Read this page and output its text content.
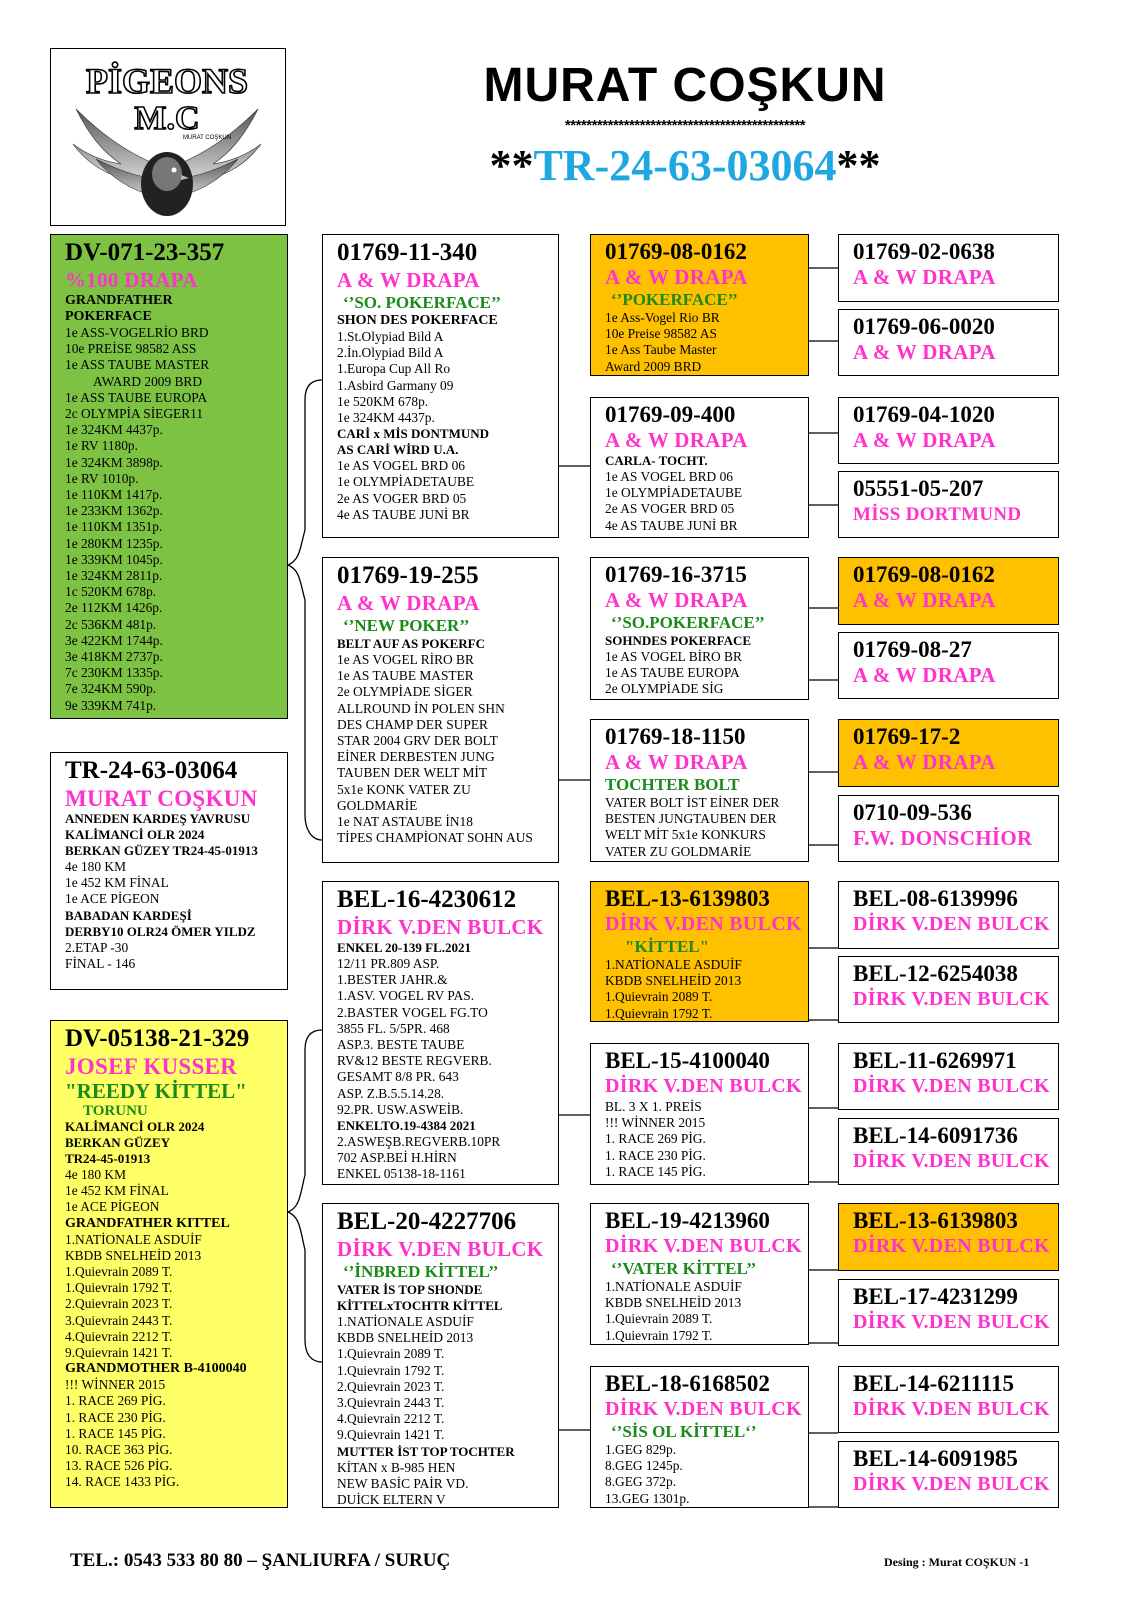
PİGEONS
M.C
MURAT COŞKUN
MURAT COŞKUN
*********************************************
**TR-24-63-03064**
DV-071-23-357
%100 DRAPA
GRANDFATHER
POKERFACE
1e ASS-VOGELRİO BRD
10e PREİSE 98582 ASS
1e ASS TAUBE MASTER
AWARD 2009 BRD
1e ASS TAUBE EUROPA
2c OLYMPİA SİEGER11
1e 324KM 4437p.
1e RV 1180p.
1e 324KM 3898p.
1e RV 1010p.
1e 110KM 1417p.
1e 233KM 1362p.
1e 110KM 1351p.
1e 280KM 1235p.
1e 339KM 1045p.
1e 324KM 2811p.
1c 520KM 678p.
2e 112KM 1426p.
2c 536KM 481p.
3e 422KM 1744p.
3e 418KM 2737p.
7c 230KM 1335p.
7e 324KM 590p.
9e 339KM 741p.
TR-24-63-03064
MURAT COŞKUN
ANNEDEN KARDEŞ YAVRUSU
KALİMANCİ OLR 2024
BERKAN GÜZEY TR24-45-01913
4e 180 KM
1e 452 KM FİNAL
1e ACE PİGEON
BABADAN KARDEŞİ
DERBY10 OLR24 ÖMER YILDZ
2.ETAP -30
FİNAL - 146
DV-05138-21-329
JOSEF KUSSER
"REEDY KİTTEL"
TORUNU
KALİMANCİ OLR 2024
BERKAN GÜZEY
TR24-45-01913
4e 180 KM
1e 452 KM FİNAL
1e ACE PİGEON
GRANDFATHER KITTEL
1.NATİONALE ASDUİF
KBDB SNELHEİD 2013
1.Quievrain 2089 T.
1.Quievrain 1792 T.
2.Quievrain 2023 T.
3.Quievrain 2443 T.
4.Quievrain 2212 T.
9.Quievrain 1421 T.
GRANDMOTHER B-4100040
!!! WİNNER 2015
1. RACE 269 PİG.
1. RACE 230 PİG.
1. RACE 145 PİG.
10. RACE 363 PİG.
13. RACE 526 PİG.
14. RACE 1433 PİG.
01769-11-340
A & W DRAPA
‘’SO. POKERFACE’’
SHON DES POKERFACE
1.St.Olypiad Bild A
2.İn.Olypiad Bild A
1.Europa Cup All Ro
1.Asbird Garmany 09
1e 520KM 678p.
1e 324KM 4437p.
CARİ x MİS DONTMUND
AS CARİ WİRD U.A.
1e AS VOGEL BRD 06
1e OLYMPİADETAUBE
2e AS VOGER BRD 05
4e AS TAUBE JUNİ BR
01769-19-255
A & W DRAPA
‘’NEW POKER’’
BELT AUF AS POKERFC
1e AS VOGEL RİRO BR
1e AS TAUBE MASTER
2e OLYMPİADE SİGER
ALLROUND İN POLEN SHN
DES CHAMP DER SUPER
STAR 2004 GRV DER BOLT
EİNER DERBESTEN JUNG
TAUBEN DER WELT MİT
5x1e KONK VATER ZU
GOLDMARİE
1e NAT ASTAUBE İN18
TİPES CHAMPİONAT SOHN AUS
BEL-16-4230612
DİRK V.DEN BULCK
ENKEL 20-139 FL.2021
12/11 PR.809 ASP.
1.BESTER JAHR.&
1.ASV. VOGEL RV PAS.
2.BASTER VOGEL FG.TO
3855 FL. 5/5PR. 468
ASP.3. BESTE TAUBE
RV&12 BESTE REGVERB.
GESAMT 8/8 PR. 643
ASP. Z.B.5.5.14.28.
92.PR. USW.ASWEİB.
ENKELTO.19-4384 2021
2.ASWEŞB.REGVERB.10PR
702 ASP.BEİ H.HİRN
ENKEL 05138-18-1161
BEL-20-4227706
DİRK V.DEN BULCK
‘’İNBRED KİTTEL’’
VATER İS TOP SHONDE
KİTTELxTOCHTR KİTTEL
1.NATİONALE ASDUİF
KBDB SNELHEİD 2013
1.Quievrain 2089 T.
1.Quievrain 1792 T.
2.Quievrain 2023 T.
3.Quievrain 2443 T.
4.Quievrain 2212 T.
9.Quievrain 1421 T.
MUTTER İST TOP TOCHTER
KİTAN x B-985 HEN
NEW BASİC PAİR VD.
DUİCK ELTERN V
01769-08-0162
A & W DRAPA
‘’POKERFACE’’
1e Ass-Vogel Rio BR
10e Preise 98582 AS
1e Ass Taube Master
Award 2009 BRD
01769-09-400
A & W DRAPA
CARLA- TOCHT.
1e AS VOGEL BRD 06
1e OLYMPİADETAUBE
2e AS VOGER BRD 05
4e AS TAUBE JUNİ BR
01769-16-3715
A & W DRAPA
‘’SO.POKERFACE’’
SOHNDES POKERFACE
1e AS VOGEL BİRO BR
1e AS TAUBE EUROPA
2e OLYMPİADE SİG
01769-18-1150
A & W DRAPA
TOCHTER BOLT
VATER BOLT İST EİNER DER
BESTEN JUNGTAUBEN DER
WELT MİT 5x1e KONKURS
VATER ZU GOLDMARİE
BEL-13-6139803
DİRK V.DEN BULCK
"KİTTEL"
1.NATİONALE ASDUİF
KBDB SNELHEİD 2013
1.Quievrain 2089 T.
1.Quievrain 1792 T.
BEL-15-4100040
DİRK V.DEN BULCK
BL. 3 X 1. PREİS
!!! WİNNER 2015
1. RACE 269 PİG.
1. RACE 230 PİG.
1. RACE 145 PİG.
BEL-19-4213960
DİRK V.DEN BULCK
‘’VATER KİTTEL’’
1.NATİONALE ASDUİF
KBDB SNELHEİD 2013
1.Quievrain 2089 T.
1.Quievrain 1792 T.
BEL-18-6168502
DİRK V.DEN BULCK
‘’SİS OL KİTTEL‘’
1.GEG 829p.
8.GEG 1245p.
8.GEG 372p.
13.GEG 1301p.
01769-02-0638
A & W DRAPA
01769-06-0020
A & W DRAPA
01769-04-1020
A & W DRAPA
05551-05-207
MİSS DORTMUND
01769-08-0162
A & W DRAPA
01769-08-27
A & W DRAPA
01769-17-2
A & W DRAPA
0710-09-536
F.W. DONSCHİOR
BEL-08-6139996
DİRK V.DEN BULCK
BEL-12-6254038
DİRK V.DEN BULCK
BEL-11-6269971
DİRK V.DEN BULCK
BEL-14-6091736
DİRK V.DEN BULCK
BEL-13-6139803
DİRK V.DEN BULCK
BEL-17-4231299
DİRK V.DEN BULCK
BEL-14-6211115
DİRK V.DEN BULCK
BEL-14-6091985
DİRK V.DEN BULCK
TEL.: 0543 533 80 80 – ŞANLIURFA / SURUÇ	Desing : Murat COŞKUN -1
